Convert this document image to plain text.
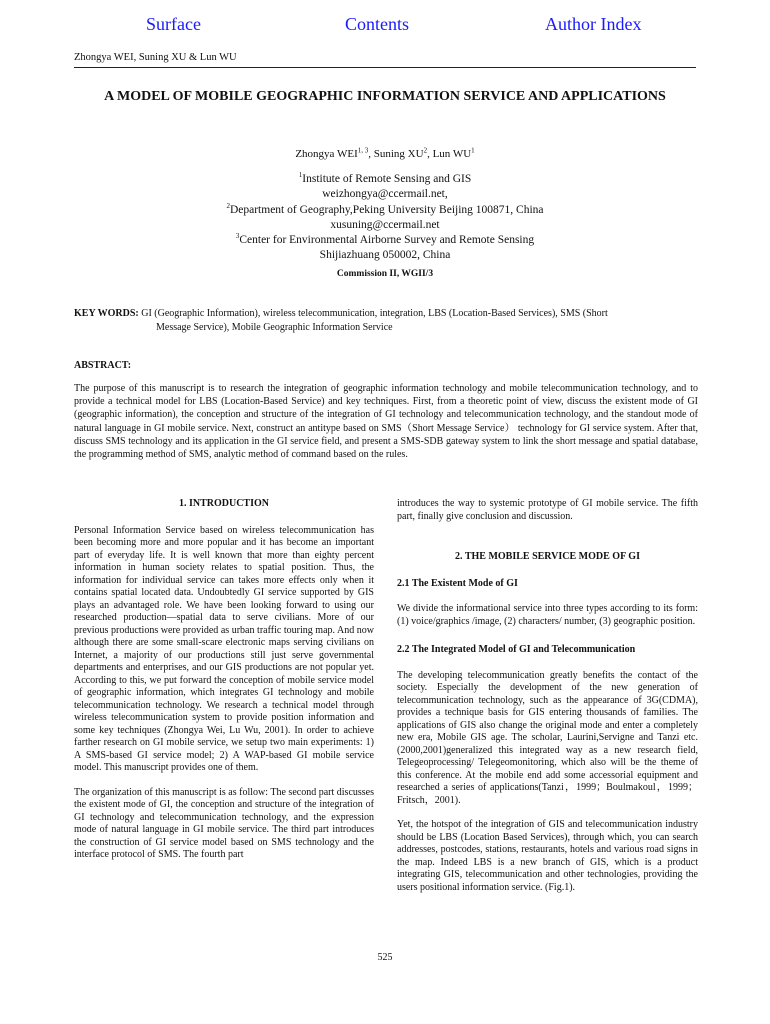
Surface	Contents	Author Index
Zhongya WEI, Suning XU & Lun WU
A MODEL OF MOBILE GEOGRAPHIC INFORMATION SERVICE AND APPLICATIONS
Zhongya WEI$^{1, 3}$, Suning $XU^2$, Lun $WU^1$
$^1$Institute of Remote Sensing and GIS
weizhongya@ccermail.net,
$^2$Department of Geography,Peking University Beijing 100871, China
xusuning@ccermail.net
$^3$Center for Environmental Airborne Survey and Remote Sensing
Shijiazhuang 050002, China
Commission II, WGII/3
KEY WORDS: GI (Geographic Information), wireless telecommunication, integration, LBS (Location-Based Services), SMS (Short
Message Service), Mobile Geographic Information Service
ABSTRACT:
The purpose of this manuscript is to research the integration of geographic information technology and mobile telecommunication technology, and to provide a technical model for LBS (Location-Based Service) and key techniques. First, from a theoretic point of view, discuss the existent mode of GI (geographic information), the conception and structure of the integration of GI technology and telecommunication technology, and the standout mode of natural language in GI mobile service. Next, construct an antitype based on SMS（Short Message Service） technology for GI service system. After that, discuss SMS technology and its application in the GI service field, and present a SMS-SDB gateway system to link the short message and spatial database, the programming method of SMS, analytic method of command based on the rules.
1. INTRODUCTION
Personal Information Service based on wireless telecommunication has been becoming more and more popular and it has become an important part of everyday life. It is well known that more than eighty percent information in human society relates to spatial position. Thus, the information for individual service can takes more effects only when it contains spatial located data. Undoubtedly GI service supported by GIS plays an advantaged role. We have been looking forward to using our researched production—spatial data to serve civilians. More of our previous productions were provided as urban traffic touring map. And now although there are some small-scare electronic maps serving civilians on Internet, a majority of our productions still just serve governmental departments and enterprises, and our GIS productions are not popular yet. According to this, we put forward the conception of mobile service model of geographic information, which integrates GI technology and mobile telecommunication technology. We research a technical model through wireless telecommunication system to provide position information and some key techniques (Zhongya Wei, Lu Wu, 2001). In order to achieve farther research on GI mobile service, we setup two main experiments: 1) A SMS-based GI service model; 2) A WAP-based GI mobile service model. This manuscript provides one of them.
The organization of this manuscript is as follow: The second part discusses the existent mode of GI, the conception and structure of the integration of GI technology and telecommunication technology, and the expression mode of natural language in GI mobile service. The third part introduces the construction of GI service model based on SMS technology and the interface protocol of SMS. The fourth part
introduces the way to systemic prototype of GI mobile service. The fifth part, finally give conclusion and discussion.
2. THE MOBILE SERVICE MODE OF GI
2.1 The Existent Mode of GI
We divide the informational service into three types according to its form: (1) voice/graphics /image, (2) characters/ number, (3) geographic position.
2.2 The Integrated Model of GI and Telecommunication
The developing telecommunication greatly benefits the contact of the society. Especially the development of the new generation of telecommunication technology, such as the appearance of 3G(CDMA), provides a technique basis for GIS entering thousands of families. The applications of GIS also change the original mode and enter a completely new era, Mobile GIS age. The scholar, Laurini,Servigne and Tanzi etc.(2000,2001)generalized this integrated way as a new research field, Telegeoprocessing/ Telegeomonitoring, which also will be the theme of this conference. At the mobile end add some accessorial equipment and researched a series of applications(Tanzi，1999；Boulmakoul，1999；Fritsch，2001).
Yet, the hotspot of the integration of GIS and telecommunication industry should be LBS (Location Based Services), through which, you can search addresses, postcodes, stations, restaurants, hotels and various road signs in the map. Indeed LBS is a new branch of GIS, which is a product integrating GIS, telecommunication and other technologies, providing the users positional information service. (Fig.1).
525
